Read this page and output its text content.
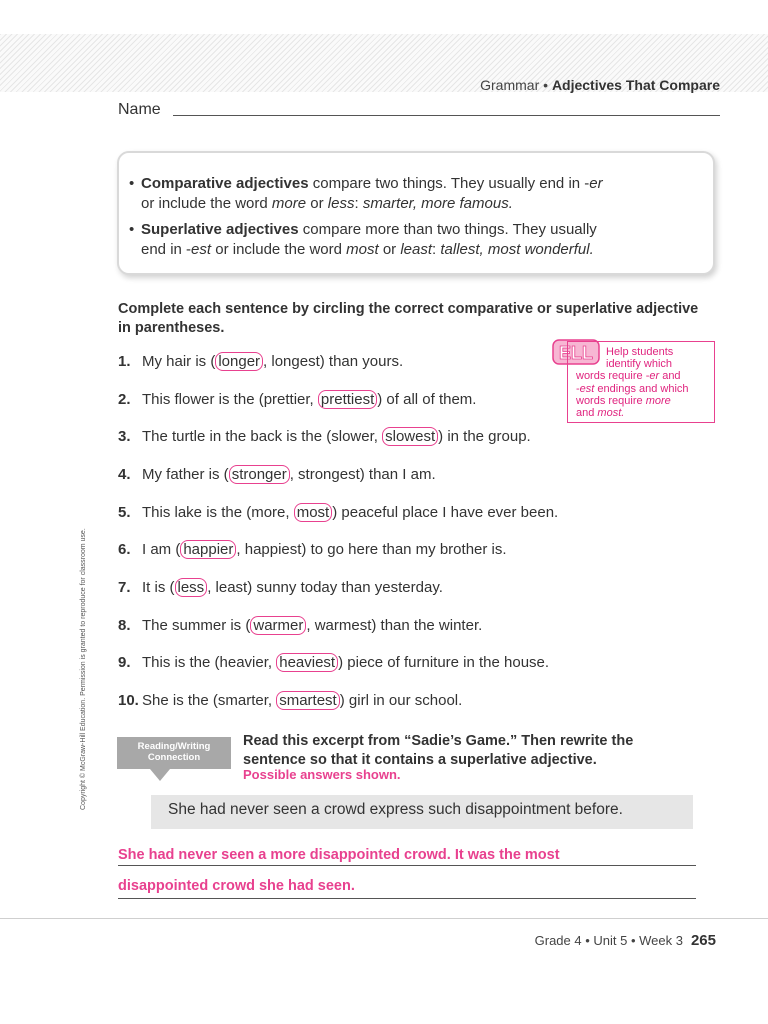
Grammar • Adjectives That Compare
Name
• Comparative adjectives compare two things. They usually end in -er
or include the word more or less: smarter, more famous.
• Superlative adjectives compare more than two things. They usually
end in -est or include the word most or least: tallest, most wonderful.
Complete each sentence by circling the correct comparative or superlative adjective in parentheses.
1. My hair is ( longer , longest) than yours.
2. This flower is the (prettier, prettiest ) of all of them.
3. The turtle in the back is the (slower, slowest ) in the group.
4. My father is ( stronger , strongest) than I am.
5. This lake is the (more, most ) peaceful place I have ever been.
6. I am ( happier , happiest) to go here than my brother is.
7. It is ( less , least) sunny today than yesterday.
8. The summer is ( warmer , warmest) than the winter.
9. This is the (heavier, heaviest ) piece of furniture in the house.
10. She is the (smarter, smartest ) girl in our school.
ELL	Help students
identify which
words require -er and
-est endings and which
words require more
and most.
Reading/Writing
Connection
Read this excerpt from “Sadie’s Game.” Then rewrite the
sentence so that it contains a superlative adjective.
Possible answers shown.
She had never seen a crowd express such disappointment before.
She had never seen a more disappointed crowd. It was the most
disappointed crowd she had seen.
Grade 4 • Unit 5 • Week 3 265
Copyright © McGraw-Hill Education. Permission is granted to reproduce for classroom use.
